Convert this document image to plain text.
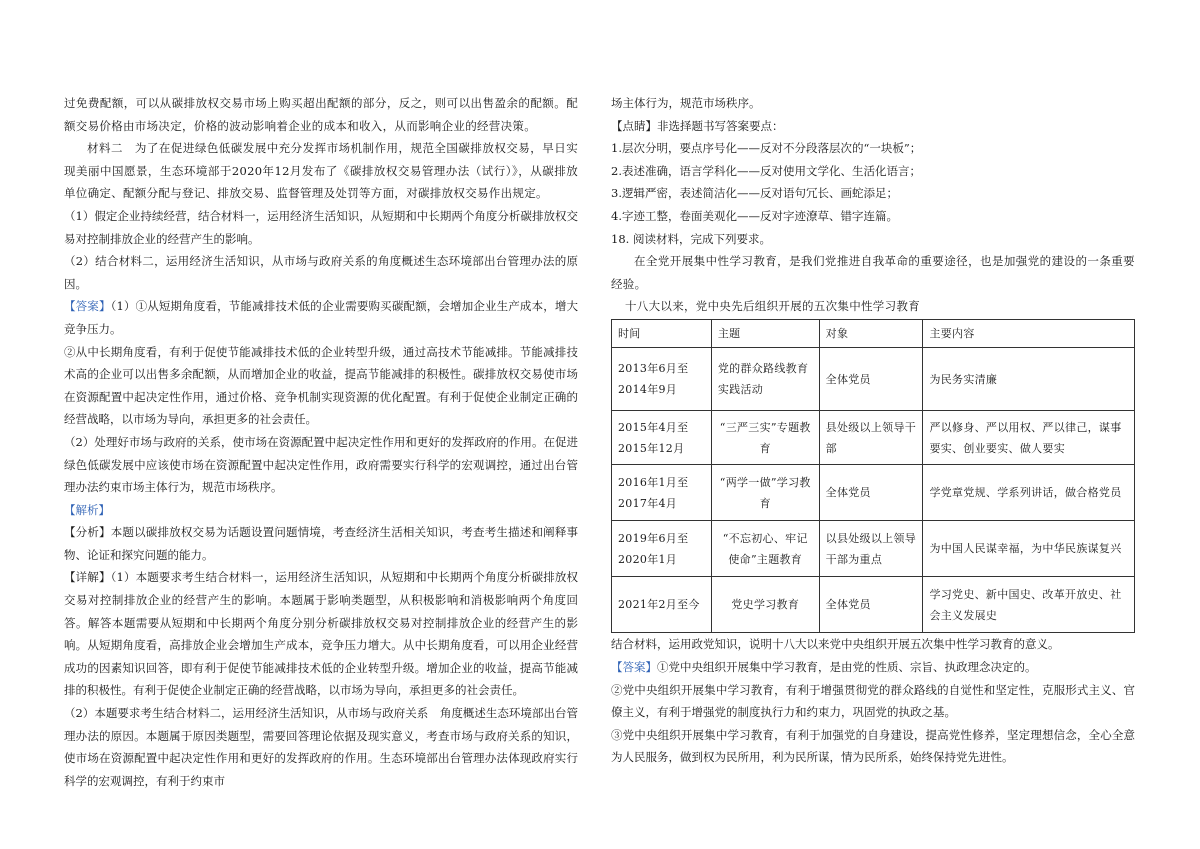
过免费配额，可以从碳排放权交易市场上购买超出配额的部分，反之，则可以出售盈余的配额。配额交易价格由市场决定，价格的波动影响着企业的成本和收入，从而影响企业的经营决策。

材料二　为了在促进绿色低碳发展中充分发挥市场机制作用，规范全国碳排放权交易，早日实现美丽中国愿景，生态环境部于2020年12月发布了《碳排放权交易管理办法（试行）》，从碳排放单位确定、配额分配与登记、排放交易、监督管理及处罚等方面，对碳排放权交易作出规定。

（1）假定企业持续经营，结合材料一，运用经济生活知识，从短期和中长期两个角度分析碳排放权交易对控制排放企业的经营产生的影响。

（2）结合材料二，运用经济生活知识，从市场与政府关系的角度概述生态环境部出台管理办法的原因。

【答案】（1）①从短期角度看，节能减排技术低的企业需要购买碳配额，会增加企业生产成本，增大竞争压力。

②从中长期角度看，有利于促使节能减排技术低的企业转型升级，通过高技术节能减排。节能减排技术高的企业可以出售多余配额，从而增加企业的收益，提高节能减排的积极性。碳排放权交易使市场在资源配置中起决定性作用，通过价格、竞争机制实现资源的优化配置。有利于促使企业制定正确的经营战略，以市场为导向，承担更多的社会责任。

（2）处理好市场与政府的关系，使市场在资源配置中起决定性作用和更好的发挥政府的作用。在促进绿色低碳发展中应该使市场在资源配置中起决定性作用，政府需要实行科学的宏观调控，通过出台管理办法约束市场主体行为，规范市场秩序。

【解析】

【分析】本题以碳排放权交易为话题设置问题情境，考查经济生活相关知识，考查考生描述和阐释事物、论证和探究问题的能力。

【详解】（1）本题要求考生结合材料一，运用经济生活知识，从短期和中长期两个角度分析碳排放权交易对控制排放企业的经营产生的影响。本题属于影响类题型，从积极影响和消极影响两个角度回答。解答本题需要从短期和中长期两个角度分别分析碳排放权交易对控制排放企业的经营产生的影响。从短期角度看，高排放企业会增加生产成本，竞争压力增大。从中长期角度看，可以用企业经营成功的因素知识回答，即有利于促使节能减排技术低的企业转型升级。增加企业的收益，提高节能减排的积极性。有利于促使企业制定正确的经营战略，以市场为导向，承担更多的社会责任。

（2）本题要求考生结合材料二，运用经济生活知识，从市场与政府关系　角度概述生态环境部出台管理办法的原因。本题属于原因类题型，需要回答理论依据及现实意义，考查市场与政府关系的知识，使市场在资源配置中起决定性作用和更好的发挥政府的作用。生态环境部出台管理办法体现政府实行科学的宏观调控，有利于约束市

场主体行为，规范市场秩序。

【点睛】非选择题书写答案要点：

1.层次分明，要点序号化——反对不分段落层次的“一块板”；

2.表述准确，语言学科化——反对使用文学化、生活化语言；

3.逻辑严密，表述简洁化——反对语句冗长、画蛇添足；

4.字迹工整，卷面美观化——反对字迹潦草、错字连篇。

18. 阅读材料，完成下列要求。

在全党开展集中性学习教育，是我们党推进自我革命的重要途径，也是加强党的建设的一条重要经验。

十八大以来，党中央先后组织开展的五次集中性学习教育

时间	主题	对象	主要内容
2013年6月至2014年9月	党的群众路线教育实践活动	全体党员	为民务实清廉
2015年4月至2015年12月	“三严三实”专题教育	县处级以上领导干部	严以修身、严以用权、严以律己，谋事要实、创业要实、做人要实
2016年1月至2017年4月	“两学一做”学习教育	全体党员	学党章党规、学系列讲话，做合格党员
2019年6月至2020年1月	“不忘初心、牢记使命”主题教育	以县处级以上领导干部为重点	为中国人民谋幸福，为中华民族谋复兴
2021年2月至今	党史学习教育	全体党员	学习党史、新中国史、改革开放史、社会主义发展史

结合材料，运用政党知识，说明十八大以来党中央组织开展五次集中性学习教育的意义。

【答案】①党中央组织开展集中学习教育，是由党的性质、宗旨、执政理念决定的。

②党中央组织开展集中学习教育，有利于增强贯彻党的群众路线的自觉性和坚定性，克服形式主义、官僚主义，有利于增强党的制度执行力和约束力，巩固党的执政之基。

③党中央组织开展集中学习教育，有利于加强党的自身建设，提高党性修养，坚定理想信念，全心全意为人民服务，做到权为民所用，利为民所谋，情为民所系，始终保持党先进性。
